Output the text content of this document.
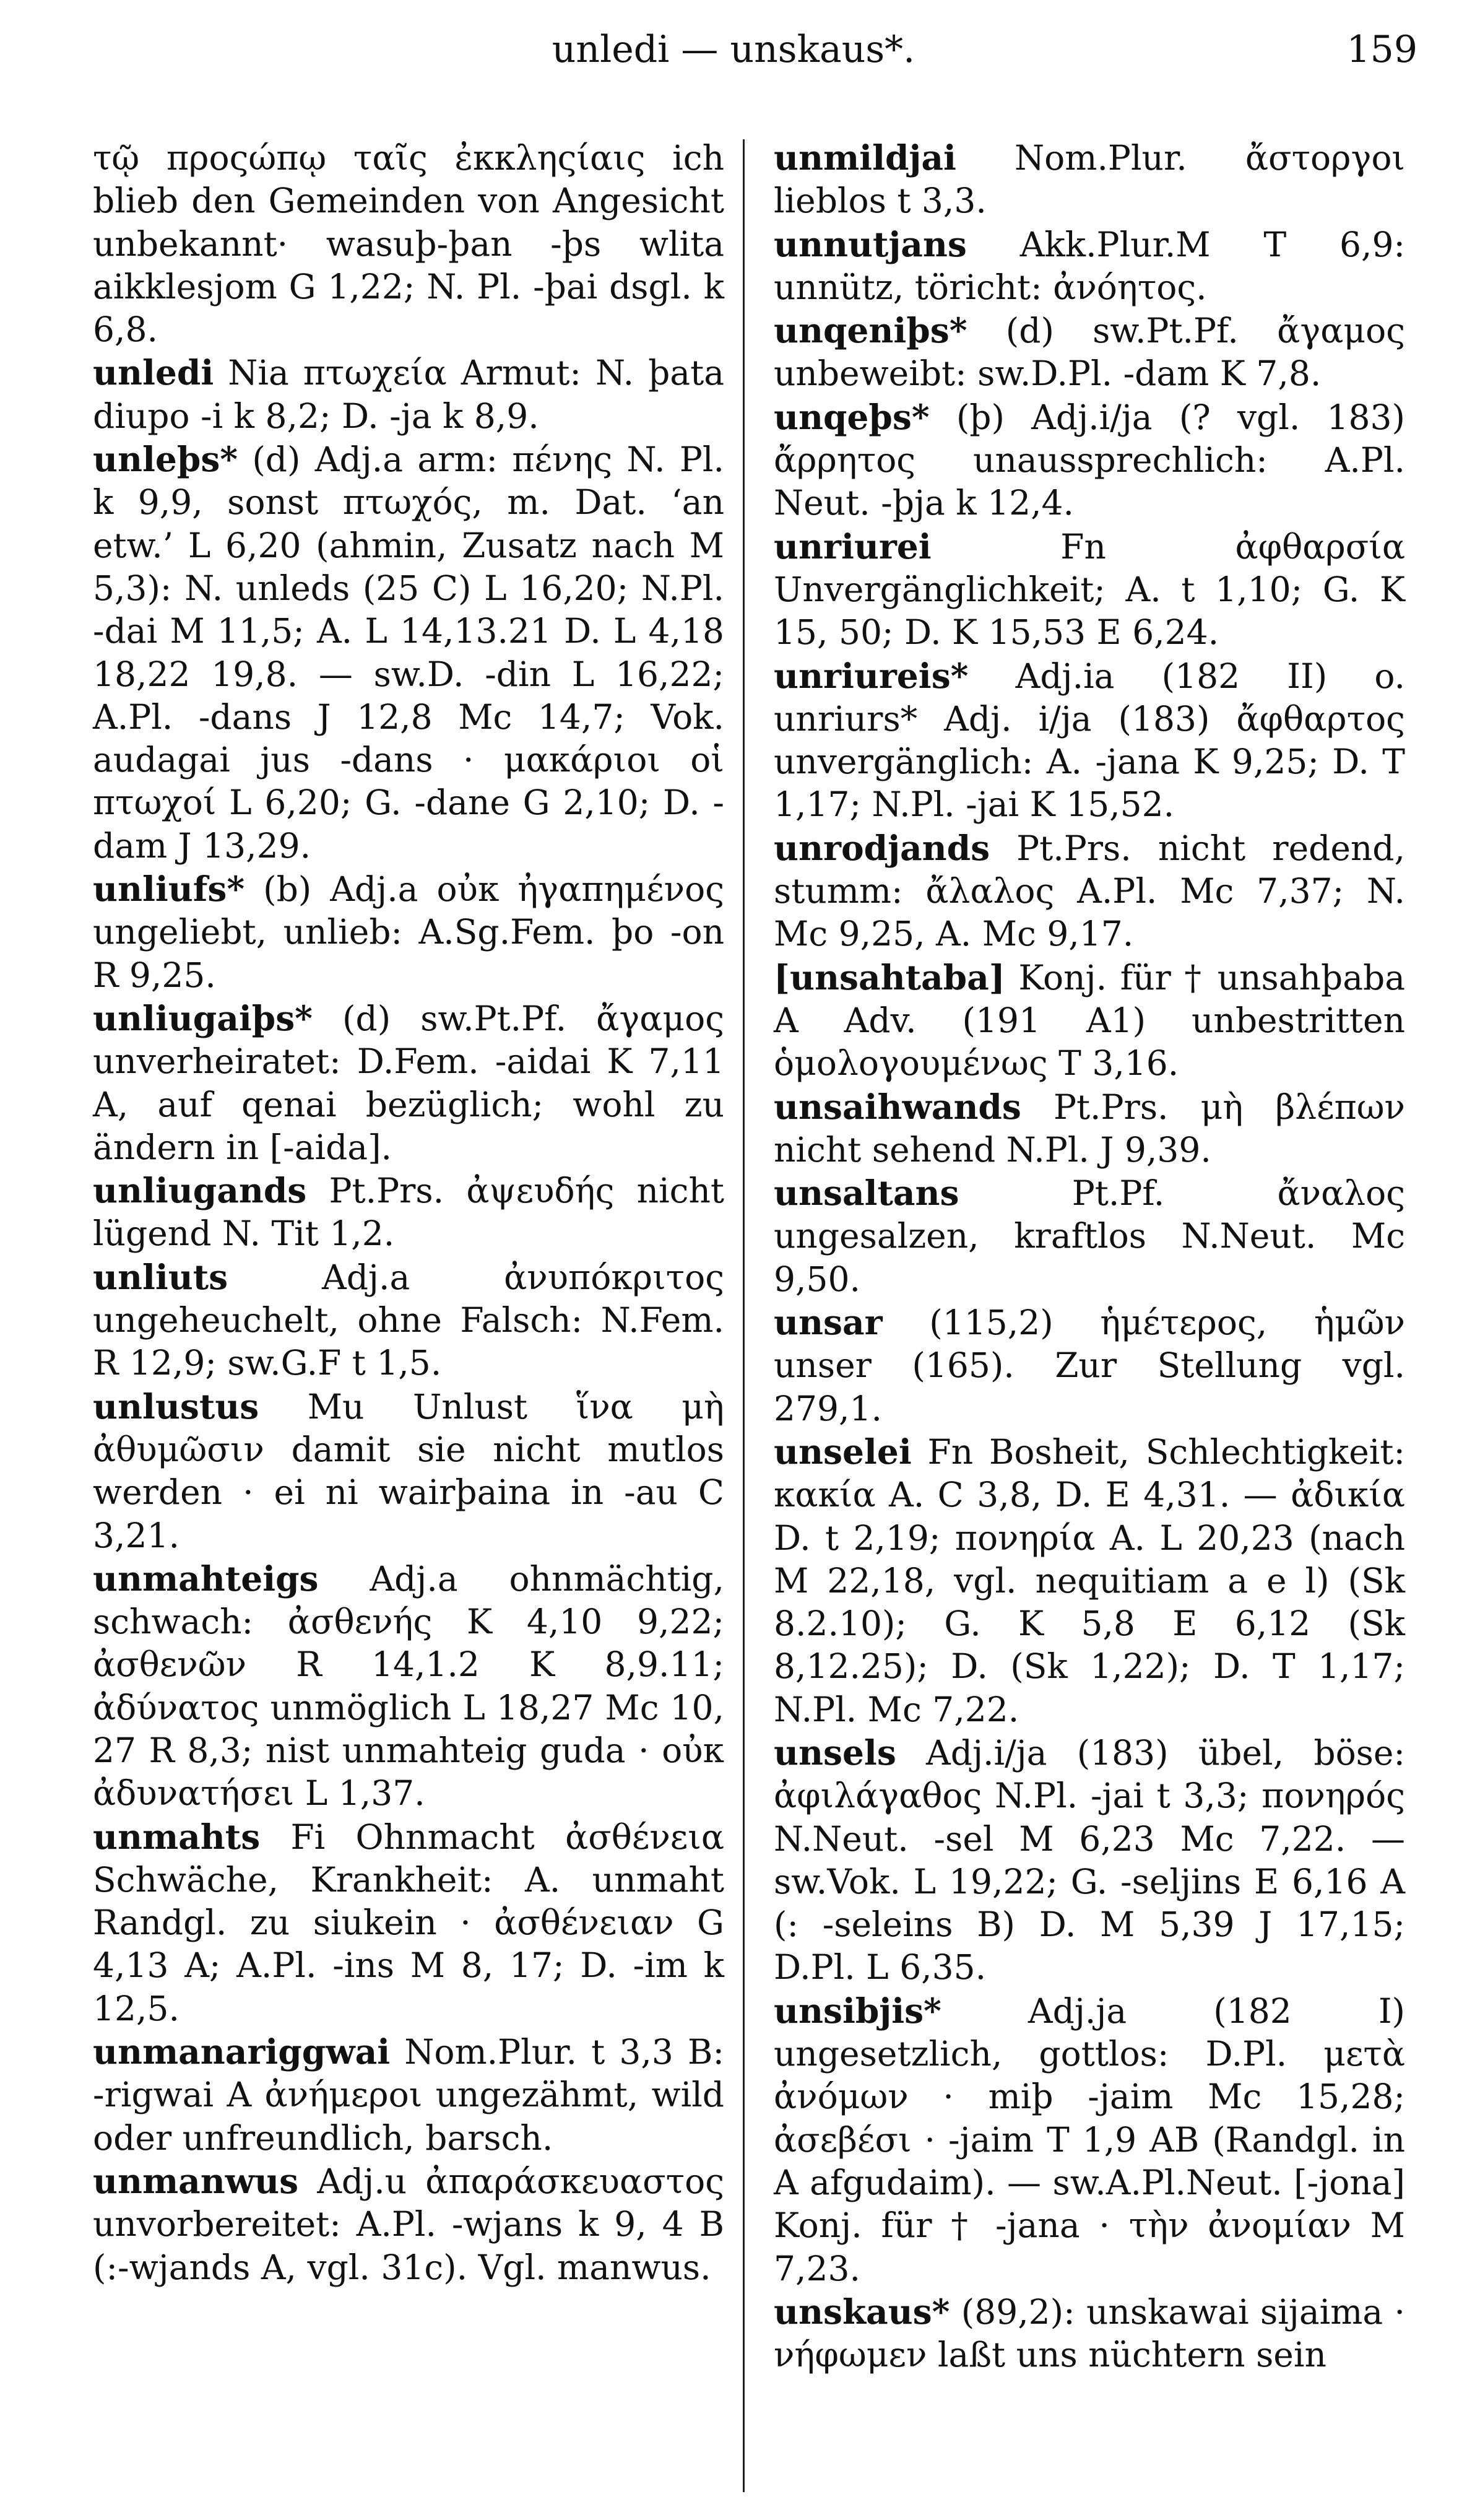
unledi — unskaus*.	159
τῷ προςώπῳ ταῖς ἐκκληςίαις ich blieb den Gemeinden von Angesicht unbekannt· wasuþ-þan -þs wlita aikklesjom G 1,22; N. Pl. -þai dsgl. k 6,8.
unledi Nia πτωχεία Armut: N. þata diupo -i k 8,2; D. -ja k 8,9.
unleþs* (d) Adj.a arm: πένης N. Pl. k 9,9, sonst πτωχός, m. Dat. ‘an etw.’ L 6,20 (ahmin, Zusatz nach M 5,3): N. unleds (25 C) L 16,20; N.Pl. -dai M 11,5; A. L 14,13.21 D. L 4,18 18,22 19,8. — sw.D. -din L 16,22; A.Pl. -dans J 12,8 Mc 14,7; Vok. audagai jus -dans · μακάριοι οἱ πτωχοί L 6,20; G. -dane G 2,10; D. -dam J 13,29.
unliufs* (b) Adj.a οὐκ ἠγαπημένος ungeliebt, unlieb: A.Sg.Fem. þo -on R 9,25.
unliugaiþs* (d) sw.Pt.Pf. ἄγαμος unverheiratet: D.Fem. -aidai K 7,11 A, auf qenai bezüglich; wohl zu ändern in [-aida].
unliugands Pt.Prs. ἀψευδής nicht lügend N. Tit 1,2.
unliuts Adj.a ἀνυπόκριτος ungeheuchelt, ohne Falsch: N.Fem. R 12,9; sw.G.F t 1,5.
unlustus Mu Unlust ἵνα μὴ ἀθυμῶσιν damit sie nicht mutlos werden · ei ni wairþaina in -au C 3,21.
unmahteigs Adj.a ohnmächtig, schwach: ἀσθενής K 4,10 9,22; ἀσθενῶν R 14,1.2 K 8,9.11; ἀδύνατος unmöglich L 18,27 Mc 10, 27 R 8,3; nist unmahteig guda · οὐκ ἀδυνατήσει L 1,37.
unmahts Fi Ohnmacht ἀσθένεια Schwäche, Krankheit: A. unmaht Randgl. zu siukein · ἀσθένειαν G 4,13 A; A.Pl. -ins M 8, 17; D. -im k 12,5.
unmanariggwai Nom.Plur. t 3,3 B: -rigwai A ἀνήμεροι ungezähmt, wild oder unfreundlich, barsch.
unmanwus Adj.u ἀπαράσκευαστος unvorbereitet: A.Pl. -wjans k 9, 4 B (:-wjands A, vgl. 31c). Vgl. manwus.
unmildjai Nom.Plur. ἄστοργοι lieblos t 3,3.
unnutjans Akk.Plur.M T 6,9: unnütz, töricht: ἀνόητος.
unqeniþs* (d) sw.Pt.Pf. ἄγαμος unbeweibt: sw.D.Pl. -dam K 7,8.
unqeþs* (þ) Adj.i/ja (? vgl. 183) ἄρρητος unaussprechlich: A.Pl. Neut. -þja k 12,4.
unriurei Fn ἀφθαρσία Unvergänglichkeit; A. t 1,10; G. K 15, 50; D. K 15,53 E 6,24.
unriureis* Adj.ia (182 II) o. unriurs* Adj. i/ja (183) ἄφθαρτος unvergänglich: A. -jana K 9,25; D. T 1,17; N.Pl. -jai K 15,52.
unrodjands Pt.Prs. nicht redend, stumm: ἄλαλος A.Pl. Mc 7,37; N. Mc 9,25, A. Mc 9,17.
[unsahtaba] Konj. für † unsahþaba A Adv. (191 A1) unbestritten ὁμολογουμένως T 3,16.
unsaihwands Pt.Prs. μὴ βλέπων nicht sehend N.Pl. J 9,39.
unsaltans Pt.Pf. ἄναλος ungesalzen, kraftlos N.Neut. Mc 9,50.
unsar (115,2) ἡμέτερος, ἡμῶν unser (165). Zur Stellung vgl. 279,1.
unselei Fn Bosheit, Schlechtigkeit: κακία A. C 3,8, D. E 4,31. — ἀδικία D. t 2,19; πονηρία A. L 20,23 (nach M 22,18, vgl. nequitiam a e l) (Sk 8.2.10); G. K 5,8 E 6,12 (Sk 8,12.25); D. (Sk 1,22); D. T 1,17; N.Pl. Mc 7,22.
unsels Adj.i/ja (183) übel, böse: ἀφιλάγαθος N.Pl. -jai t 3,3; πονηρός N.Neut. -sel M 6,23 Mc 7,22. — sw.Vok. L 19,22; G. -seljins E 6,16 A (: -seleins B) D. M 5,39 J 17,15; D.Pl. L 6,35.
unsibjis* Adj.ja (182 I) ungesetzlich, gottlos: D.Pl. μετὰ ἀνόμων · miþ -jaim Mc 15,28; ἀσεβέσι · -jaim T 1,9 AB (Randgl. in A afgudaim). — sw.A.Pl.Neut. [-jona] Konj. für † -jana · τὴν ἀνομίαν M 7,23.
unskaus* (89,2): unskawai sijaima · νήφωμεν laßt uns nüchtern sein
